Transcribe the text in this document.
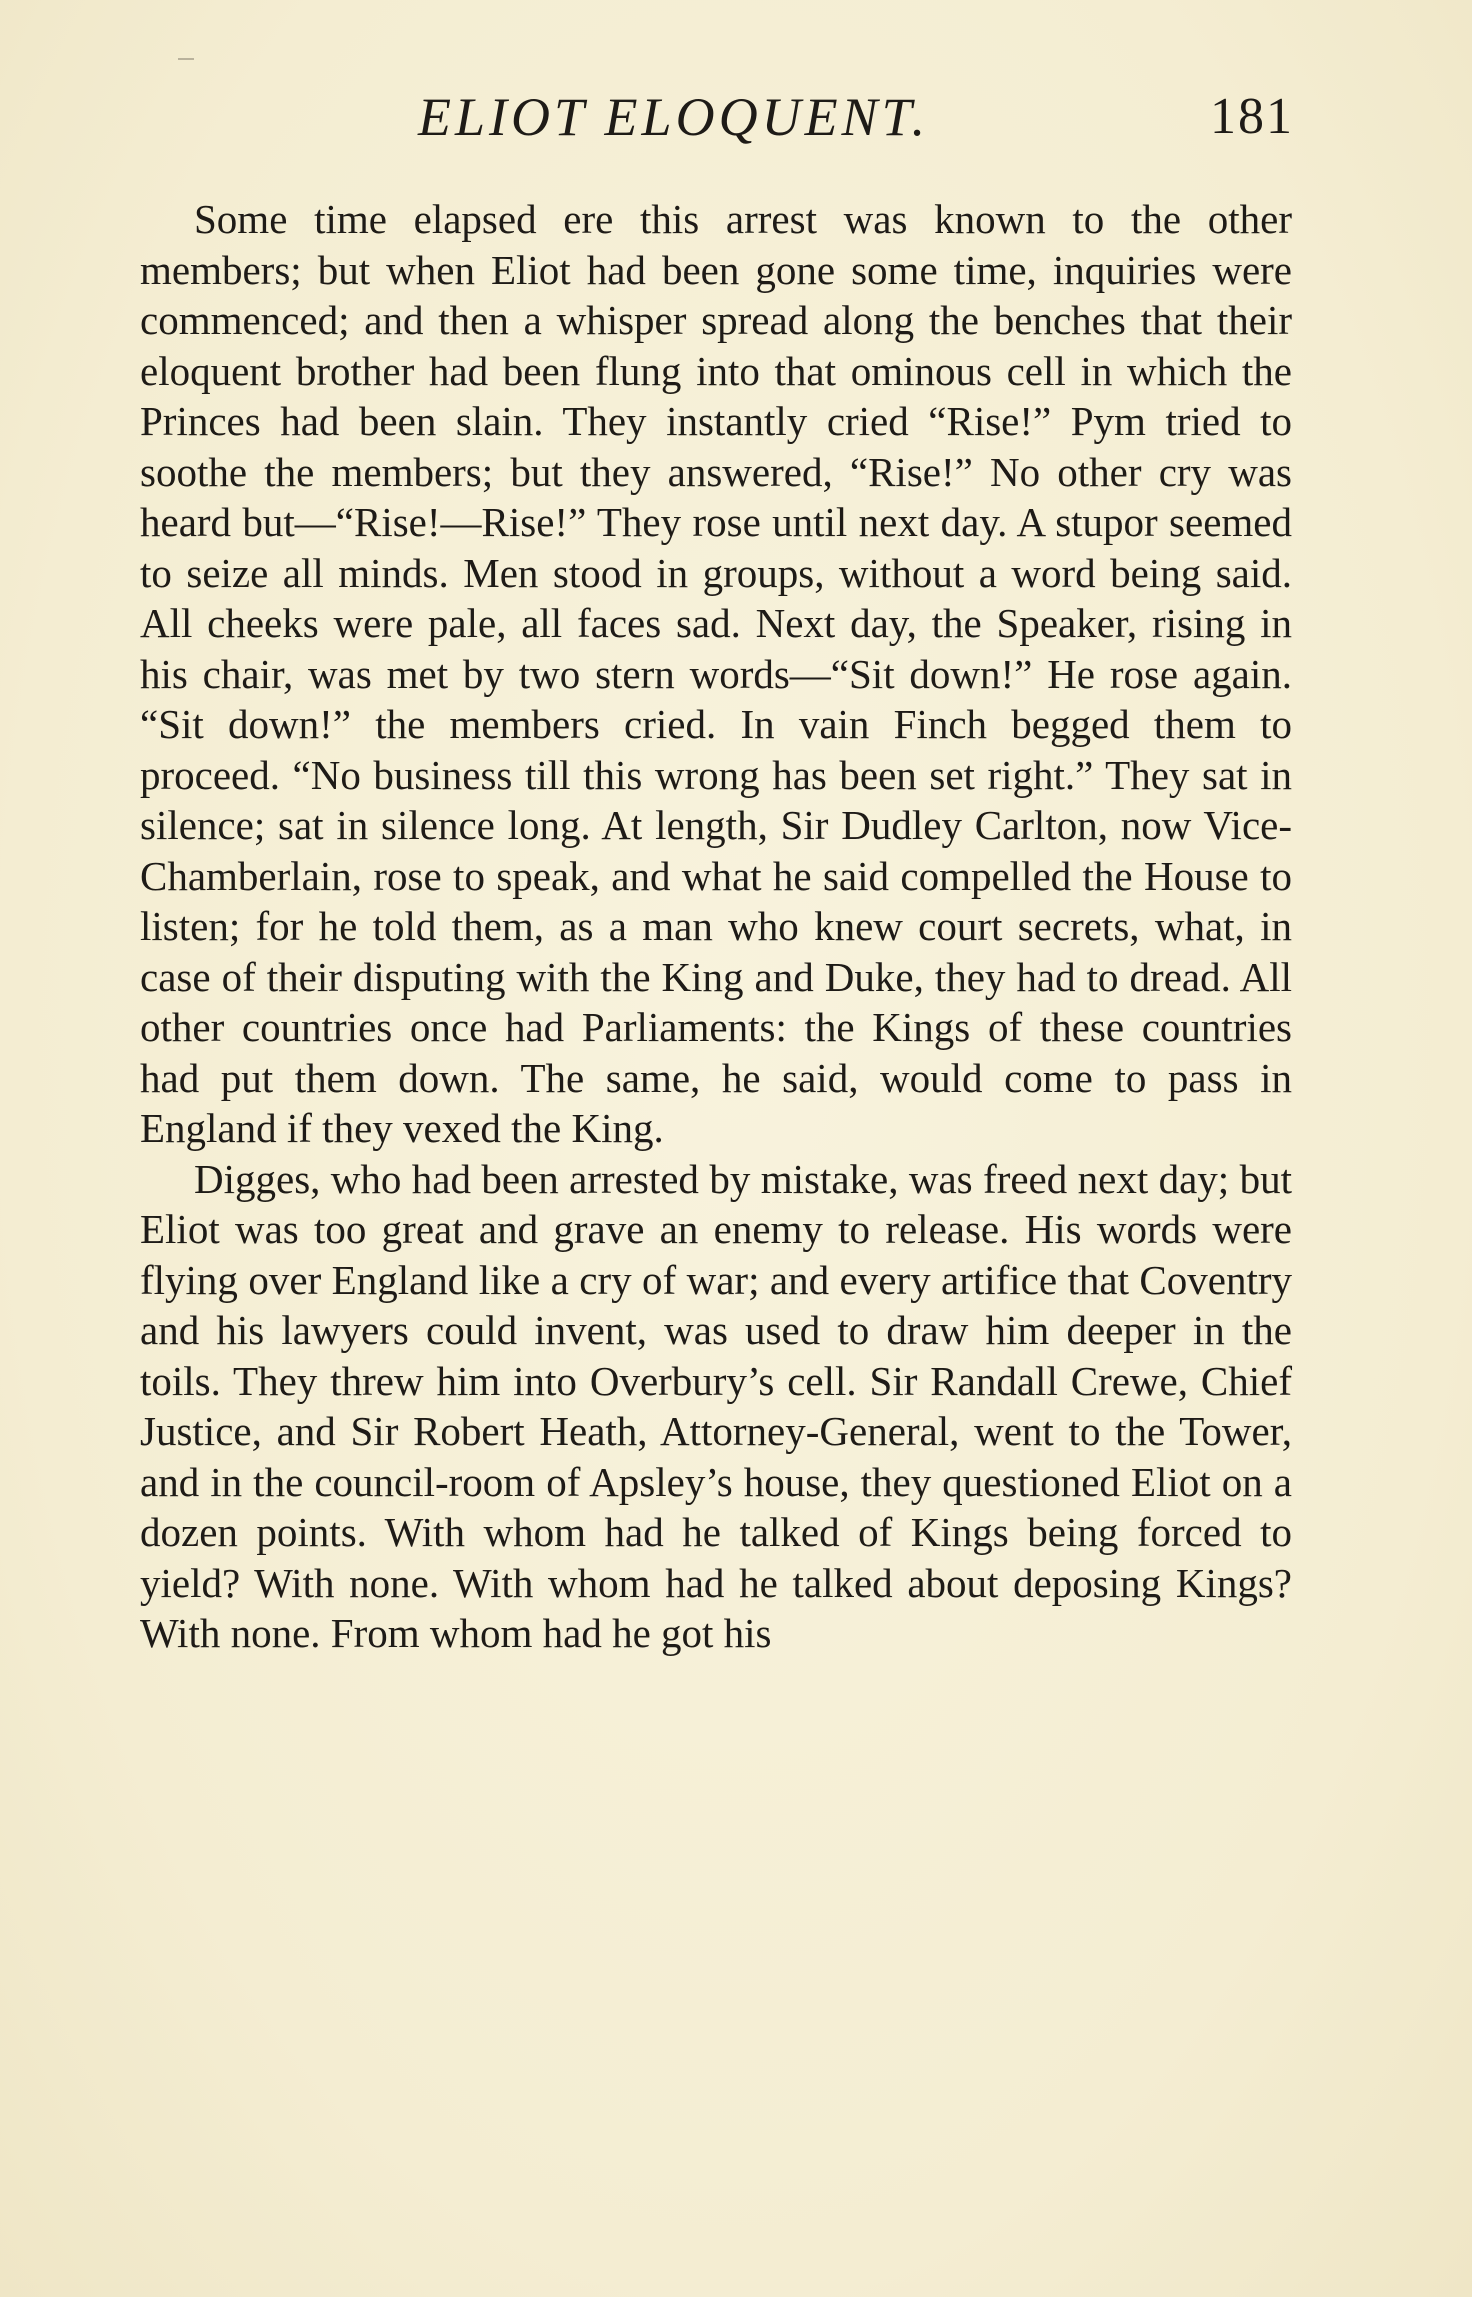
ELIOT ELOQUENT.	181

Some time elapsed ere this arrest was known to the other members; but when Eliot had been gone some time, inquiries were commenced; and then a whisper spread along the benches that their eloquent brother had been flung into that ominous cell in which the Princes had been slain. They instantly cried “Rise!” Pym tried to soothe the members; but they answered, “Rise!” No other cry was heard but—“Rise!—Rise!” They rose until next day. A stupor seemed to seize all minds. Men stood in groups, without a word being said. All cheeks were pale, all faces sad. Next day, the Speaker, rising in his chair, was met by two stern words—“Sit down!” He rose again. “Sit down!” the members cried. In vain Finch begged them to proceed. “No business till this wrong has been set right.” They sat in silence; sat in silence long. At length, Sir Dudley Carlton, now Vice-Chamberlain, rose to speak, and what he said compelled the House to listen; for he told them, as a man who knew court secrets, what, in case of their disputing with the King and Duke, they had to dread. All other countries once had Parliaments: the Kings of these countries had put them down. The same, he said, would come to pass in England if they vexed the King.

Digges, who had been arrested by mistake, was freed next day; but Eliot was too great and grave an enemy to release. His words were flying over England like a cry of war; and every artifice that Coventry and his lawyers could invent, was used to draw him deeper in the toils. They threw him into Overbury’s cell. Sir Randall Crewe, Chief Justice, and Sir Robert Heath, Attorney-General, went to the Tower, and in the council-room of Apsley’s house, they questioned Eliot on a dozen points. With whom had he talked of Kings being forced to yield? With none. With whom had he talked about deposing Kings? With none. From whom had he got his
